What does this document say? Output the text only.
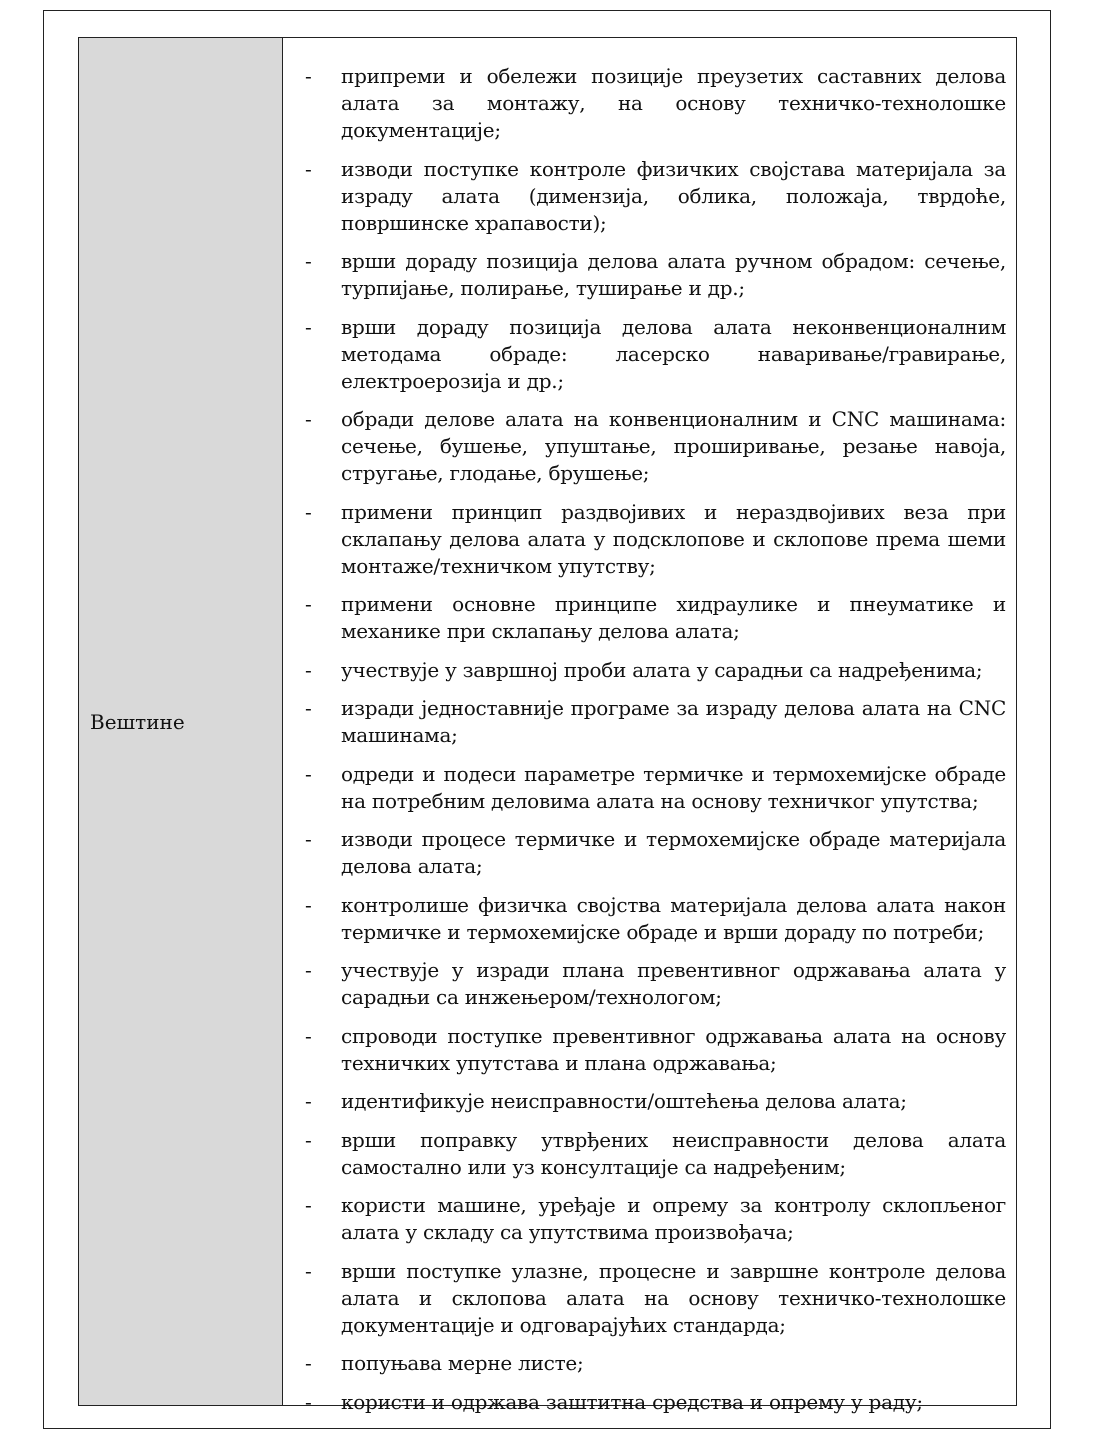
Вештине
-	припреми и обележи позиције преузетих саставних делова алата за монтажу, на основу техничко-технолошке документације;
-	изводи поступке контроле физичких својстава материјала за израду алата (димензија, облика, положаја, тврдоће, површинске храпавости);
-	врши дораду позиција делова алата ручном обрадом: сечење, турпијање, полирање, туширање и др.;
-	врши дораду позиција делова алата неконвенционалним методама обраде: ласерско наваривање/гравирање, електроерозија и др.;
-	обради делове алата на конвенционалним и CNC машинама: сечење, бушење, упуштање, проширивање, резање навоја, стругање, глодање, брушење;
-	примени принцип раздвојивих и нераздвојивих веза при склапању делова алата у подсклопове и склопове према шеми монтаже/техничком упутству;
-	примени основне принципе хидраулике и пнеуматике и механике при склапању делова алата;
-	учествује у завршној проби алата у сарадњи са надређенима;
-	изради једноставније програме за израду делова алата на CNC машинама;
-	одреди и подеси параметре термичке и термохемијске обраде на потребним деловима алата на основу техничког упутства;
-	изводи процесе термичке и термохемијске обраде материјала делова алата;
-	контролише физичка својства материјала делова алата након термичке и термохемијске обраде и врши дораду по потреби;
-	учествује у изради плана превентивног одржавања алата у сарадњи са инжењером/технологом;
-	спроводи поступке превентивног одржавања алата на основу техничких упутстава и плана одржавања;
-	идентификује неисправности/оштећења делова алата;
-	врши поправку утврђених неисправности делова алата самостално или уз консултације са надређеним;
-	користи машине, уређаје и опрему за контролу склопљеног алата у складу са упутствима произвођача;
-	врши поступке улазне, процесне и завршне контроле делова алата и склопова алата на основу техничко-технолошке документације и одговарајућих стандарда;
-	попуњава мерне листе;
-	користи и одржава заштитна средства и опрему у раду;
